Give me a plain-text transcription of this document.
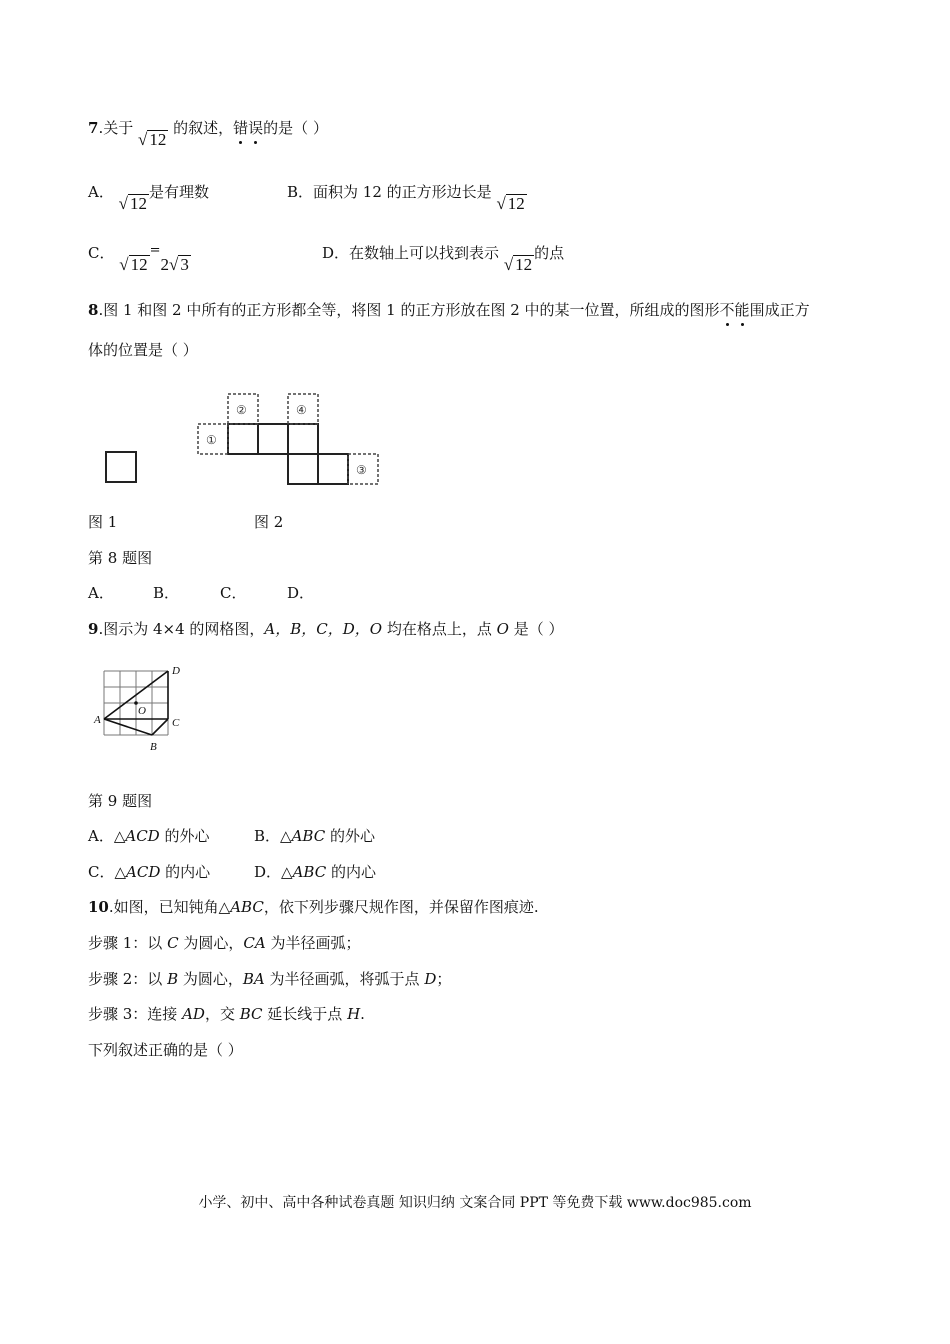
7.关于 √ 12 的叙述，错误的是（ ）
A． √ 12是有理数	B．面积为 12 的正方形边长是 √ 12
C． √ 12=2√ 3
D．在数轴上可以找到表示 √ 12的点
8.图 1 和图 2 中所有的正方形都全等，将图 1 的正方形放在图 2 中的某一位置，所组成的图形不能围成正方
体的位置是（ ）
①
②
③
④
A
B
C
D
O
图 1	图 2
第 8 题图
A．	B．	C．	D．
9.图示为 4×4 的网格图，A，B，C，D，O 均在格点上，点 O 是（ ）
第 9 题图
A．△ACD 的外心	B．△ABC 的外心
C．△ACD 的内心	D．△ABC 的内心
10.如图，已知钝角△ABC，依下列步骤尺规作图，并保留作图痕迹.
步骤 1：以 C 为圆心，CA 为半径画弧；
步骤 2：以 B 为圆心，BA 为半径画弧，将弧于点 D；
步骤 3：连接 AD，交 BC 延长线于点 H.
下列叙述正确的是（ ）
小学、初中、高中各种试卷真题 知识归纳 文案合同 PPT 等免费下载 www.doc985.com
